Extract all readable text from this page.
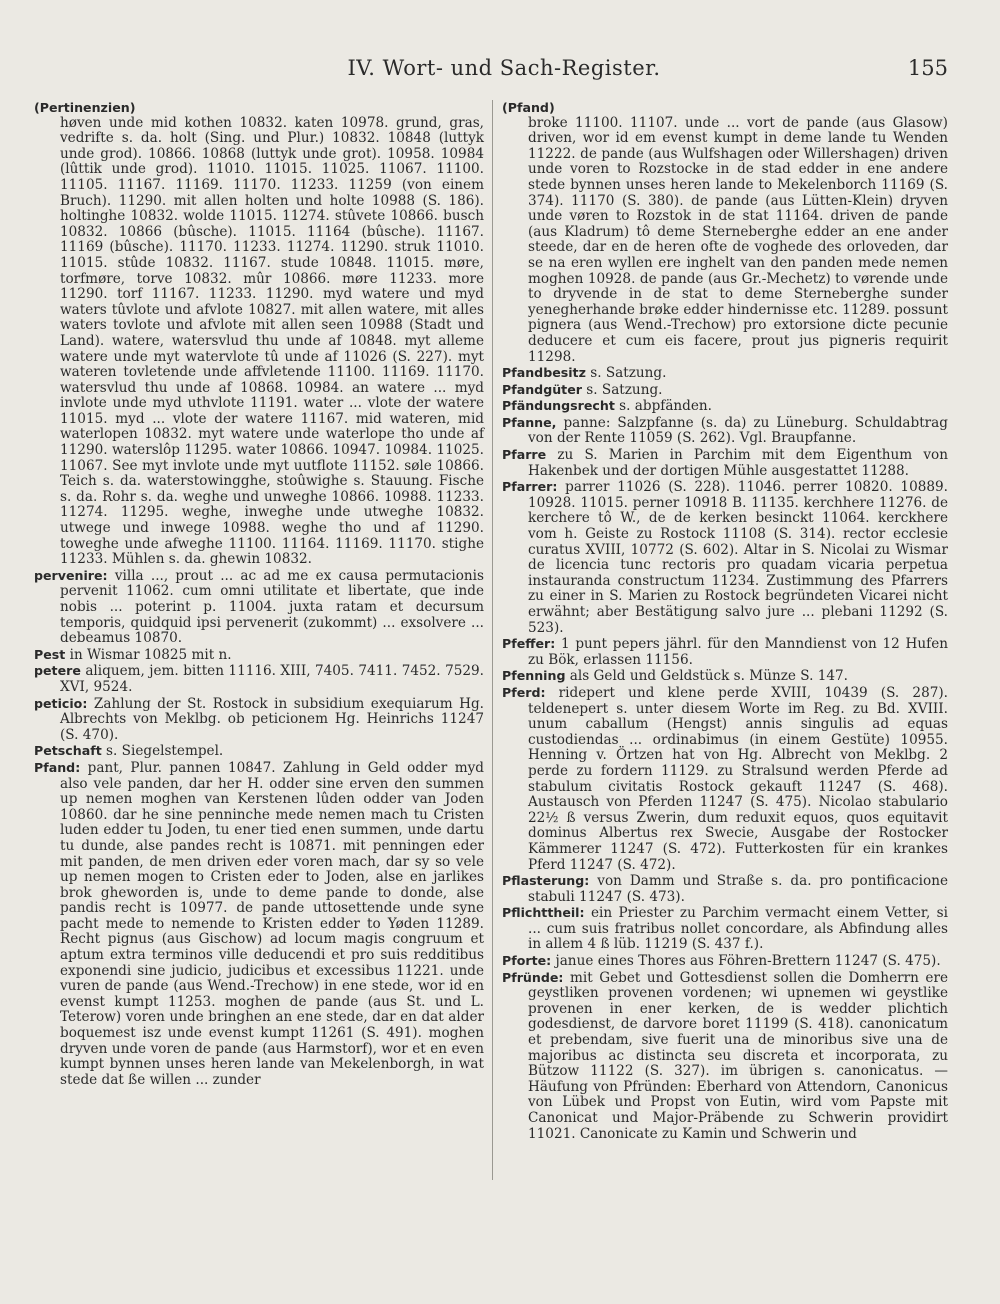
IV. Wort- und Sach-Register.	155

(Pertinenzien)

høven unde mid kothen 10832. katen 10978. grund, gras, vedrifte s. da. holt (Sing. und Plur.) 10832. 10848 (luttyk unde grod). 10866. 10868 (luttyk unde grot). 10958. 10984 (lûttik unde grod). 11010. 11015. 11025. 11067. 11100. 11105. 11167. 11169. 11170. 11233. 11259 (von einem Bruch). 11290. mit allen holten und holte 10988 (S. 186). holtinghe 10832. wolde 11015. 11274. stûvete 10866. busch 10832. 10866 (bûsche). 11015. 11164 (bûsche). 11167. 11169 (bûsche). 11170. 11233. 11274. 11290. struk 11010. 11015. stûde 10832. 11167. stude 10848. 11015. møre, torfmøre, torve 10832. mûr 10866. møre 11233. more 11290. torf 11167. 11233. 11290. myd watere und myd waters tûvlote und afvlote 10827. mit allen watere, mit alles waters tovlote und afvlote mit allen seen 10988 (Stadt und Land). watere, watersvlud thu unde af 10848. myt alleme watere unde myt watervlote tû unde af 11026 (S. 227). myt wateren tovletende unde affvletende 11100. 11169. 11170. watersvlud thu unde af 10868. 10984. an watere ... myd invlote unde myd uthvlote 11191. water ... vlote der watere 11015. myd ... vlote der watere 11167. mid wateren, mid waterlopen 10832. myt watere unde waterlope tho unde af 11290. waterslôp 11295. water 10866. 10947. 10984. 11025. 11067. See myt invlote unde myt uutflote 11152. søle 10866. Teich s. da. waterstowingghe, stoûwighe s. Stauung. Fische s. da. Rohr s. da. weghe und unweghe 10866. 10988. 11233. 11274. 11295. weghe, inweghe unde utweghe 10832. utwege und inwege 10988. weghe tho und af 11290. toweghe unde afweghe 11100. 11164. 11169. 11170. stighe 11233. Mühlen s. da. ghewin 10832.

pervenire: villa ..., prout ... ac ad me ex causa permutacionis pervenit 11062. cum omni utilitate et libertate, que inde nobis ... poterint p. 11004. juxta ratam et decursum temporis, quidquid ipsi pervenerit (zukommt) ... exsolvere ... debeamus 10870.

Pest in Wismar 10825 mit n.

petere aliquem, jem. bitten 11116. XIII, 7405. 7411. 7452. 7529. XVI, 9524.

peticio: Zahlung der St. Rostock in subsidium exequiarum Hg. Albrechts von Meklbg. ob peticionem Hg. Heinrichs 11247 (S. 470).

Petschaft s. Siegelstempel.

Pfand: pant, Plur. pannen 10847. Zahlung in Geld odder myd also vele panden, dar her H. odder sine erven den summen up nemen moghen van Kerstenen lûden odder van Joden 10860. dar he sine penninche mede nemen mach tu Cristen luden edder tu Joden, tu ener tied enen summen, unde dartu tu dunde, alse pandes recht is 10871. mit penningen eder mit panden, de men driven eder voren mach, dar sy so vele up nemen mogen to Cristen eder to Joden, alse en jarlikes brok gheworden is, unde to deme pande to donde, alse pandis recht is 10977. de pande uttosettende unde syne pacht mede to nemende to Kristen edder to Yøden 11289. Recht pignus (aus Gischow) ad locum magis congruum et aptum extra terminos ville deducendi et pro suis redditibus exponendi sine judicio, judicibus et excessibus 11221. unde vuren de pande (aus Wend.-Trechow) in ene stede, wor id en evenst kumpt 11253. moghen de pande (aus St. und L. Teterow) voren unde bringhen an ene stede, dar en dat alder boquemest isz unde evenst kumpt 11261 (S. 491). moghen dryven unde voren de pande (aus Harmstorf), wor et en even kumpt bynnen unses heren lande van Mekelenborgh, in wat stede dat ße willen ... zunder

(Pfand)

broke 11100. 11107. unde ... vort de pande (aus Glasow) driven, wor id em evenst kumpt in deme lande tu Wenden 11222. de pande (aus Wulfshagen oder Willershagen) driven unde voren to Rozstocke in de stad edder in ene andere stede bynnen unses heren lande to Mekelenborch 11169 (S. 374). 11170 (S. 380). de pande (aus Lütten-Klein) dryven unde vøren to Rozstok in de stat 11164. driven de pande (aus Kladrum) tô deme Sterneberghe edder an ene ander steede, dar en de heren ofte de voghede des orloveden, dar se na eren wyllen ere inghelt van den panden mede nemen moghen 10928. de pande (aus Gr.-Mechetz) to vørende unde to dryvende in de stat to deme Sterneberghe sunder yenegherhande brøke edder hindernisse etc. 11289. possunt pignera (aus Wend.-Trechow) pro extorsione dicte pecunie deducere et cum eis facere, prout jus pigneris requirit 11298.

Pfandbesitz s. Satzung.

Pfandgüter s. Satzung.

Pfändungsrecht s. abpfänden.

Pfanne, panne: Salzpfanne (s. da) zu Lüneburg. Schuldabtrag von der Rente 11059 (S. 262). Vgl. Braupfanne.

Pfarre zu S. Marien in Parchim mit dem Eigenthum von Hakenbek und der dortigen Mühle ausgestattet 11288.

Pfarrer: parrer 11026 (S. 228). 11046. perrer 10820. 10889. 10928. 11015. perner 10918 B. 11135. kerchhere 11276. de kerchere tô W., de de kerken besinckt 11064. kerckhere vom h. Geiste zu Rostock 11108 (S. 314). rector ecclesie curatus XVIII, 10772 (S. 602). Altar in S. Nicolai zu Wismar de licencia tunc rectoris pro quadam vicaria perpetua instauranda constructum 11234. Zustimmung des Pfarrers zu einer in S. Marien zu Rostock begründeten Vicarei nicht erwähnt; aber Bestätigung salvo jure ... plebani 11292 (S. 523).

Pfeffer: 1 punt pepers jährl. für den Manndienst von 12 Hufen zu Bök, erlassen 11156.

Pfenning als Geld und Geldstück s. Münze S. 147.

Pferd: ridepert und klene perde XVIII, 10439 (S. 287). teldenepert s. unter diesem Worte im Reg. zu Bd. XVIII. unum caballum (Hengst) annis singulis ad equas custodiendas ... ordinabimus (in einem Gestüte) 10955. Henning v. Örtzen hat von Hg. Albrecht von Meklbg. 2 perde zu fordern 11129. zu Stralsund werden Pferde ad stabulum civitatis Rostock gekauft 11247 (S. 468). Austausch von Pferden 11247 (S. 475). Nicolao stabulario 22½ ß versus Zwerin, dum reduxit equos, quos equitavit dominus Albertus rex Swecie, Ausgabe der Rostocker Kämmerer 11247 (S. 472). Futterkosten für ein krankes Pferd 11247 (S. 472).

Pflasterung: von Damm und Straße s. da. pro pontificacione stabuli 11247 (S. 473).

Pflichttheil: ein Priester zu Parchim vermacht einem Vetter, si ... cum suis fratribus nollet concordare, als Abfindung alles in allem 4 ß lüb. 11219 (S. 437 f.).

Pforte: janue eines Thores aus Föhren-Brettern 11247 (S. 475).

Pfründe: mit Gebet und Gottesdienst sollen die Domherrn ere geystliken provenen vordenen; wi upnemen wi geystlike provenen in ener kerken, de is wedder plichtich godesdienst, de darvore boret 11199 (S. 418). canonicatum et prebendam, sive fuerit una de minoribus sive una de majoribus ac distincta seu discreta et incorporata, zu Bützow 11122 (S. 327). im übrigen s. canonicatus. — Häufung von Pfründen: Eberhard von Attendorn, Canonicus von Lübek und Propst von Eutin, wird vom Papste mit Canonicat und Major-Präbende zu Schwerin providirt 11021. Canonicate zu Kamin und Schwerin und
